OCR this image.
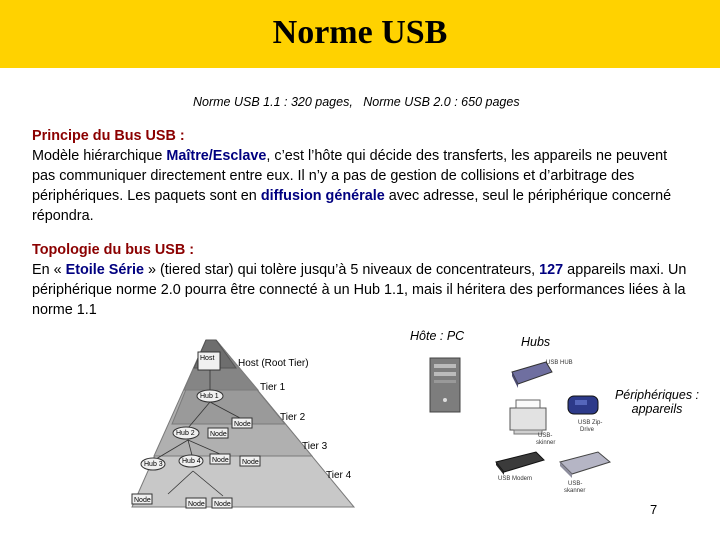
Norme USB
Norme USB 1.1 : 320 pages,   Norme USB 2.0 : 650 pages
Principe du Bus USB :
Modèle hiérarchique Maître/Esclave, c’est l’hôte qui décide des transferts, les appareils ne peuvent pas communiquer directement entre eux. Il n’y a pas de gestion de collisions et d’arbitrage des périphériques. Les paquets sont en diffusion générale avec adresse, seul le périphérique concerné répondra.
Topologie du bus USB :
En « Etoile Série » (tiered star) qui tolère jusqu’à 5 niveaux de concentrateurs, 127 appareils maxi. Un périphérique norme 2.0 pourra être connecté à un Hub 1.1, mais il héritera des performances liées à la norme 1.1
Host
Hub 1
Hub 2
Node
Node
Hub 3	Hub 4 Node Node
Node
Node Node
Host (Root Tier)
Tier 1
Tier 2
Tier 3
Tier 4
Hôte : PC	Hubs
Périphériques :
appareils
USB HUB
USB Zip-
Drive
USB-
skinner
USB Modem
USB-
skanner
7
